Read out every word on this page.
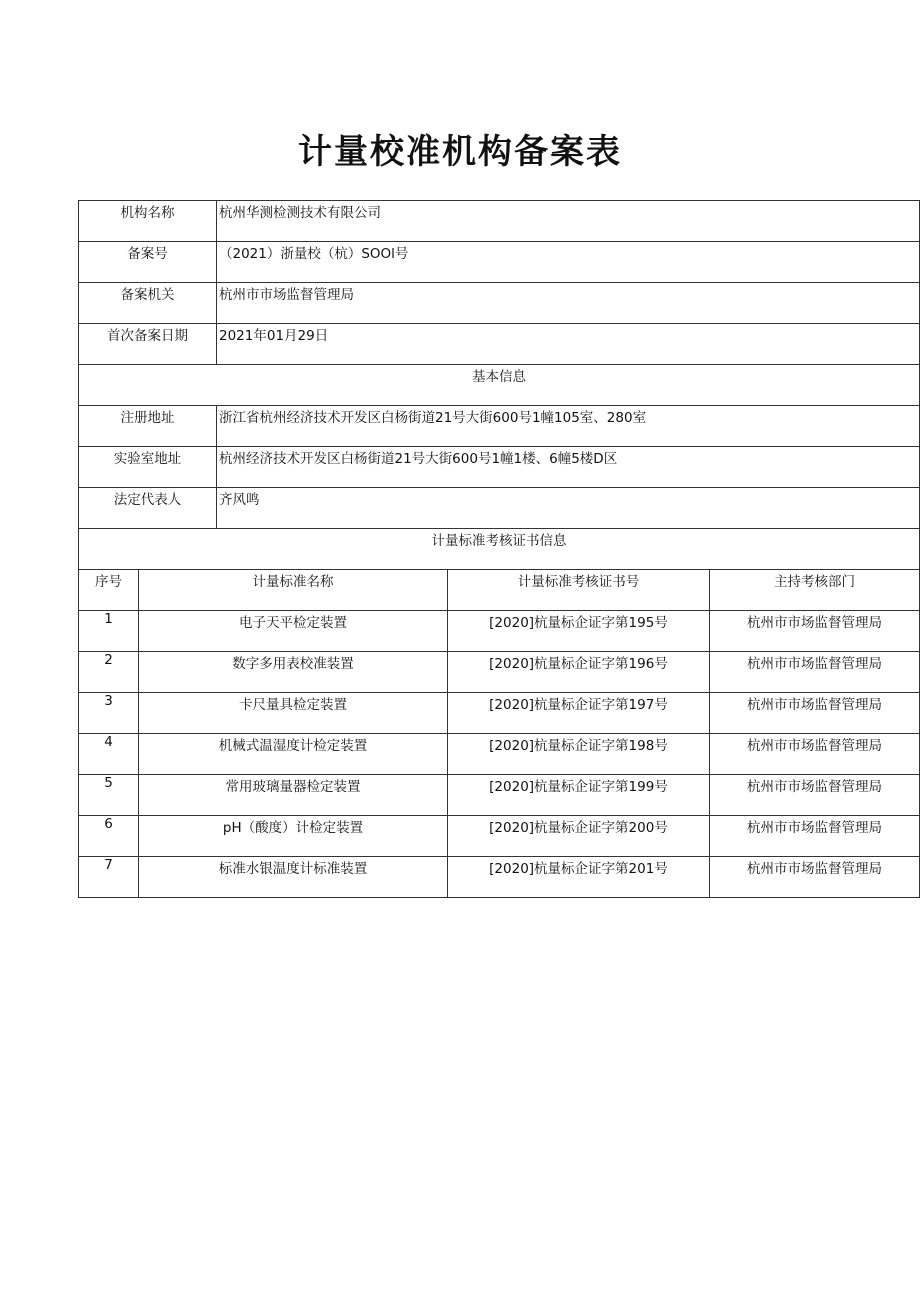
计量校准机构备案表
机构名称		杭州华测检测技术有限公司		
备案号		（2021）浙量校（杭）SOOl号		
备案机关		杭州市市场监督管理局		
首次备案日期		2021年01月29日		
基本信息				
注册地址		浙江省杭州经济技术开发区白杨街道21号大街600号1幢105室、280室		
实验室地址		杭州经济技术开发区白杨街道21号大街600号1幢1楼、6幢5楼D区		
法定代表人		齐风鸣		
计量标准考核证书信息				
序号	计量标准名称		计量标准考核证书号	主持考核部门
1	电子天平检定装置		[2020]杭量标企证字第195号	杭州市市场监督管理局
2	数字多用表校准装置		[2020]杭量标企证字第196号	杭州市市场监督管理局
3	卡尺量具检定装置		[2020]杭量标企证字第197号	杭州市市场监督管理局
4	机械式温湿度计检定装置		[2020]杭量标企证字第198号	杭州市市场监督管理局
5	常用玻璃量器检定装置		[2020]杭量标企证字第199号	杭州市市场监督管理局
6	pH（酸度）计检定装置		[2020]杭量标企证字第200号	杭州市市场监督管理局
7	标准水银温度计标准装置		[2020]杭量标企证字第201号	杭州市市场监督管理局
